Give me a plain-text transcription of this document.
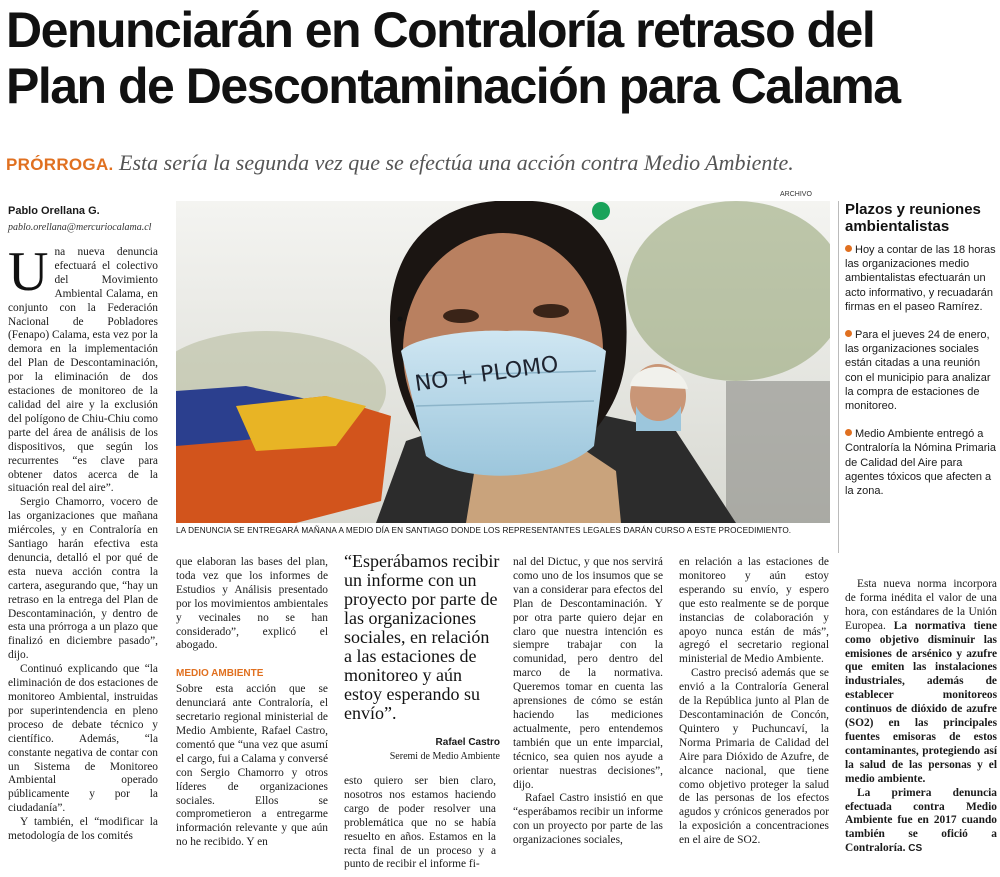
Denunciarán en Contraloría retraso del
Plan de Descontaminación para Calama
PRÓRROGA. Esta sería la segunda vez que se efectúa una acción contra Medio Ambiente.
Pablo Orellana G.
pablo.orellana@mercuriocalama.cl
ARCHIVO
NO + PLOMO
LA DENUNCIA SE ENTREGARÁ MAÑANA A MEDIO DÍA EN SANTIAGO DONDE LOS REPRESENTANTES LEGALES DARÁN CURSO A ESTE PROCEDIMIENTO.

Una nueva denuncia efectuará el colectivo del Movimiento Ambiental Calama, en conjunto con la Federación Nacional de Pobladores (Fenapo) Calama, esta vez por la demora en la implementación del Plan de Descontaminación, por la eliminación de dos estaciones de monitoreo de la calidad del aire y la exclusión del polígono de Chiu-Chiu como parte del área de análisis de los dispositivos, que según los recurrentes “es clave para obtener datos acerca de la situación real del aire”.

Sergio Chamorro, vocero de las organizaciones que mañana miércoles, y en Contraloría en Santiago harán efectiva esta denuncia, detalló el por qué de esta nueva acción contra la cartera, asegurando que, “hay un retraso en la entrega del Plan de Descontaminación, y dentro de esta una prórroga a un plazo que finalizó en diciembre pasado”, dijo.

Continuó explicando que “la eliminación de dos estaciones de monitoreo Ambiental, instruidas por superintendencia en pleno proceso de debate técnico y científico. Además, “la constante negativa de contar con un Sistema de Monitoreo Ambiental operado públicamente y por la ciudadanía”.

Y también, el “modificar la metodología de los comités

que elaboran las bases del plan, toda vez que los informes de Estudios y Análisis presentado por los movimientos ambientales y vecinales no se han considerado”, explicó el abogado.

MEDIO AMBIENTE

Sobre esta acción que se denunciará ante Contraloría, el secretario regional ministerial de Medio Ambiente, Rafael Castro, comentó que “una vez que asumí el cargo, fui a Calama y conversé con Sergio Chamorro y otros líderes de organizaciones sociales. Ellos se comprometieron a entregarme información relevante y que aún no he recibido. Y en

“Esperábamos recibir un informe con un proyecto por parte de las organizaciones sociales, en relación a las estaciones de monitoreo y aún estoy esperando su envío”.
Rafael Castro
Seremi de Medio Ambiente

esto quiero ser bien claro, nosotros nos estamos haciendo cargo de poder resolver una problemática que no se había resuelto en años. Estamos en la recta final de un proceso y a punto de recibir el informe fi-

nal del Dictuc, y que nos servirá como uno de los insumos que se van a considerar para efectos del Plan de Descontaminación. Y por otra parte quiero dejar en claro que nuestra intención es siempre trabajar con la comunidad, pero dentro del marco de la normativa. Queremos tomar en cuenta las aprensiones de cómo se están haciendo las mediciones actualmente, pero entendemos también que un ente imparcial, técnico, sea quien nos ayude a orientar nuestras decisiones”, dijo.

Rafael Castro insistió en que “esperábamos recibir un informe con un proyecto por parte de las organizaciones sociales,

en relación a las estaciones de monitoreo y aún estoy esperando su envío, y espero que esto realmente se de porque instancias de colaboración y apoyo nunca están de más”, agregó el secretario regional ministerial de Medio Ambiente.

Castro precisó además que se envió a la Contraloría General de la República junto al Plan de Descontaminación de Concón, Quintero y Puchuncaví, la Norma Primaria de Calidad del Aire para Dióxido de Azufre, de alcance nacional, que tiene como objetivo proteger la salud de las personas de los efectos agudos y crónicos generados por la exposición a concentraciones en el aire de SO2.

Plazos y reuniones ambientalistas
Hoy a contar de las 18 horas las organizaciones medio ambientalistas efectuarán un acto informativo, y recuadarán firmas en el paseo Ramírez.
Para el jueves 24 de enero, las organizaciones sociales están citadas a una reunión con el municipio para analizar la compra de estaciones de monitoreo.
Medio Ambiente entregó a Contraloría la Nómina Primaria de Calidad del Aire para agentes tóxicos que afecten a la zona.

Esta nueva norma incorpora de forma inédita el valor de una hora, con estándares de la Unión Europea. La normativa tiene como objetivo disminuir las emisiones de arsénico y azufre que emiten las instalaciones industriales, además de establecer monitoreos continuos de dióxido de azufre (SO2) en las principales fuentes emisoras de estos contaminantes, protegiendo así la salud de las personas y el medio ambiente.

La primera denuncia efectuada contra Medio Ambiente fue en 2017 cuando también se ofició a Contraloría. CS
